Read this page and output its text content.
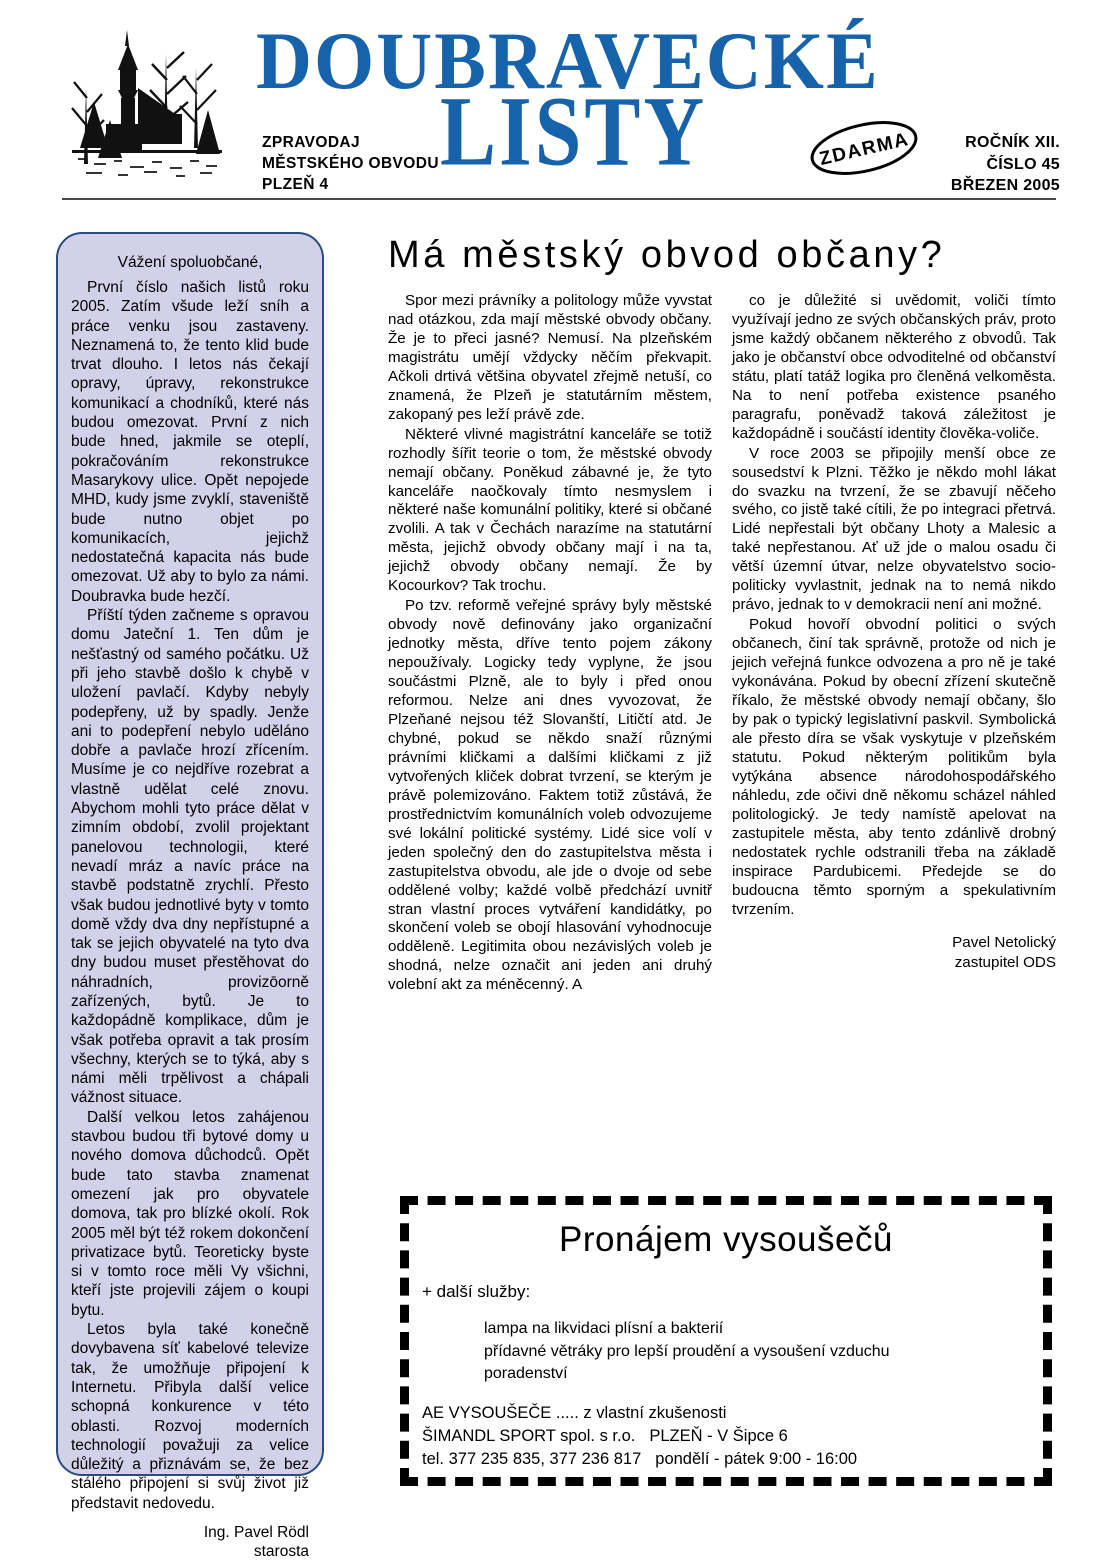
DOUBRAVECKÉ
LISTY
ZPRAVODAJ
MĚSTSKÉHO OBVODU
PLZEŇ 4
ZDARMA	ROČNÍK XII.
ČÍSLO 45
BŘEZEN 2005
Vážení spoluobčané,

První číslo našich listů roku 2005. Zatím všude leží sníh a práce venku jsou zastaveny. Neznamená to, že tento klid bude trvat dlouho. I letos nás čekají opravy, úpravy, rekonstrukce komunikací a chodníků, které nás budou omezovat. První z nich bude hned, jakmile se oteplí, pokračováním rekonstrukce Masarykovy ulice. Opět nepojede MHD, kudy jsme zvyklí, staveniště bude nutno objet po komunikacích, jejichž nedostatečná kapacita nás bude omezovat. Už aby to bylo za námi. Doubravka bude hezčí.

Příští týden začneme s opravou domu Jateční 1. Ten dům je nešťastný od samého počátku. Už při jeho stavbě došlo k chybě v uložení pavlačí. Kdyby nebyly podepřeny, už by spadly. Jenže ani to podepření nebylo uděláno dobře a pavlače hrozí zřícením. Musíme je co nejdříve rozebrat a vlastně udělat celé znovu. Abychom mohli tyto práce dělat v zimním období, zvolil projektant panelovou technologii, které nevadí mráz a navíc práce na stavbě podstatně zrychlí. Přesto však budou jednotlivé byty v tomto domě vždy dva dny nepřístupné a tak se jejich obyvatelé na tyto dva dny budou muset přestěhovat do náhradních, provizōorně zařízených, bytů. Je to každopádně komplikace, dům je však potřeba opravit a tak prosím všechny, kterých se to týká, aby s námi měli trpělivost a chápali vážnost situace.

Další velkou letos zahájenou stavbou budou tři bytové domy u nového domova důchodců. Opět bude tato stavba znamenat omezení jak pro obyvatele domova, tak pro blízké okolí. Rok 2005 měl být též rokem dokončení privatizace bytů. Teoreticky byste si v tomto roce měli Vy všichni, kteří jste projevili zájem o koupi bytu.

Letos byla také konečně dovybavena síť kabelové televize tak, že umožňuje připojení k Internetu. Přibyla další velice schopná konkurence v této oblasti. Rozvoj moderních technologií považuji za velice důležitý a přiznávám se, že bez stálého připojení si svůj život již představit nedovedu.

Ing. Pavel Rödl
starosta
Má městský obvod občany?

Spor mezi právníky a politology může vyvstat nad otázkou, zda mají městské obvody občany. Že je to přeci jasné? Nemusí. Na plzeňském magistrátu umějí vždycky něčím překvapit. Ačkoli drtivá většina obyvatel zřejmě netuší, co znamená, že Plzeň je statutárním městem, zakopaný pes leží právě zde.

Některé vlivné magistrátní kanceláře se totiž rozhodly šířit teorie o tom, že městské obvody nemají občany. Poněkud zábavné je, že tyto kanceláře naočkovaly tímto nesmyslem i některé naše komunální politiky, které si občané zvolili. A tak v Čechách narazíme na statutární města, jejichž obvody občany mají i na ta, jejichž obvody občany nemají. Že by Kocourkov? Tak trochu.

Po tzv. reformě veřejné správy byly městské obvody nově definovány jako organizační jednotky města, dříve tento pojem zákony nepoužívaly. Logicky tedy vyplyne, že jsou součástmi Plzně, ale to byly i před onou reformou. Nelze ani dnes vyvozovat, že Plzeňané nejsou též Slovanští, Litičtí atd. Je chybné, pokud se někdo snaží různými právními kličkami a dalšími kličkami z již vytvořených kliček dobrat tvrzení, se kterým je právě polemizováno. Faktem totiž zůstává, že prostřednictvím komunálních voleb odvozujeme své lokální politické systémy. Lidé sice volí v jeden společný den do zastupitelstva města i zastupitelstva obvodu, ale jde o dvoje od sebe oddělené volby; každé volbě předchází uvnitř stran vlastní proces vytváření kandidátky, po skončení voleb se obojí hlasování vyhodnocuje odděleně. Legitimita obou nezávislých voleb je shodná, nelze označit ani jeden ani druhý volební akt za méněcenný. A

co je důležité si uvědomit, voliči tímto využívají jedno ze svých občanských práv, proto jsme každý občanem některého z obvodů. Tak jako je občanství obce odvoditelné od občanství státu, platí tatáž logika pro členěná velkoměsta. Na to není potřeba existence psaného paragrafu, poněvadž taková záležitost je každopádně i součástí identity člověka-voliče.

V roce 2003 se připojily menší obce ze sousedství k Plzni. Těžko je někdo mohl lákat do svazku na tvrzení, že se zbavují něčeho svého, co jistě také cítili, že po integraci přetrvá. Lidé nepřestali být občany Lhoty a Malesic a také nepřestanou. Ať už jde o malou osadu či větší územní útvar, nelze obyvatelstvo socio-politicky vyvlastnit, jednak na to nemá nikdo právo, jednak to v demokracii není ani možné.

Pokud hovoří obvodní politici o svých občanech, činí tak správně, protože od nich je jejich veřejná funkce odvozena a pro ně je také vykonávána. Pokud by obecní zřízení skutečně říkalo, že městské obvody nemají občany, šlo by pak o typický legislativní paskvil. Symbolická ale přesto díra se však vyskytuje v plzeňském statutu. Pokud některým politikům byla vytýkána absence národohospodářského náhledu, zde očivi dně někomu scházel náhled politologický. Je tedy namístě apelovat na zastupitele města, aby tento zdánlivě drobný nedostatek rychle odstranili třeba na základě inspirace Pardubicemi. Předejde se do budoucna těmto sporným a spekulativním tvrzením.

Pavel Netolický
zastupitel ODS
Pronájem vysoušečů
+ další služby:
lampa na likvidaci plísní a bakterií
přídavné větráky pro lepší proudění a vysoušení vzduchu
poradenství
AE VYSOUŠEČE ..... z vlastní zkušenosti
ŠIMANDL SPORT spol. s r.o. PLZEŇ - V Šipce 6
tel. 377 235 835, 377 236 817 pondělí - pátek 9:00 - 16:00
